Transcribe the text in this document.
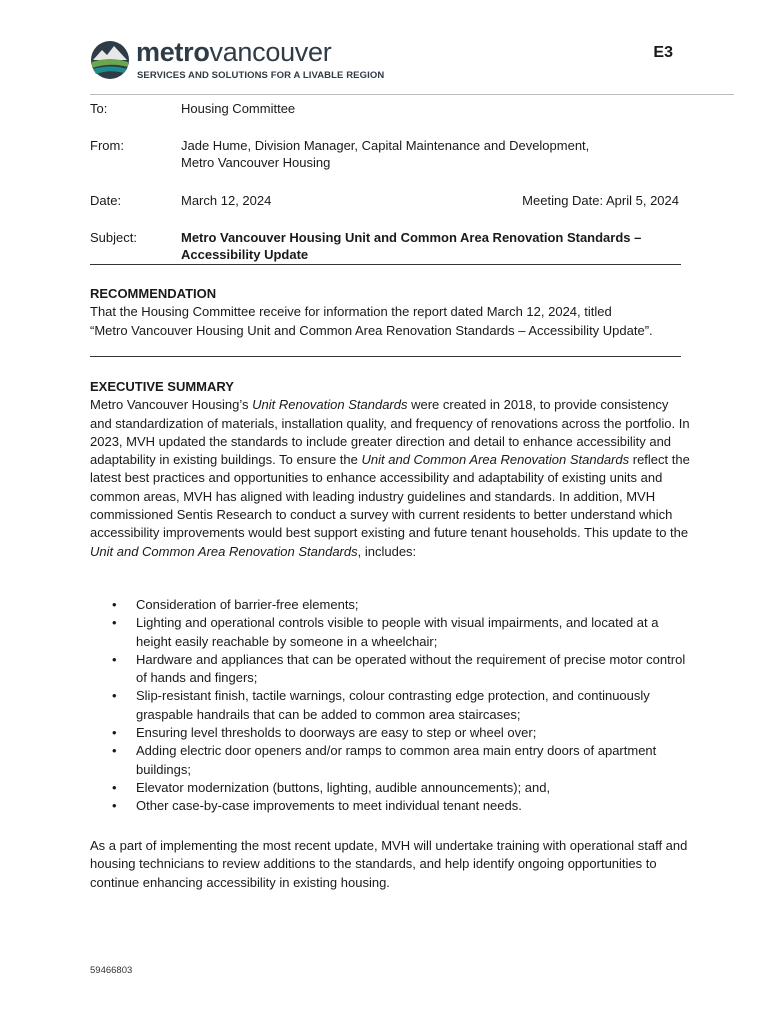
metrovancouver
SERVICES AND SOLUTIONS FOR A LIVABLE REGION
E3
To:	Housing Committee
From:	Jade Hume, Division Manager, Capital Maintenance and Development,
Metro Vancouver Housing
Date:	March 12, 2024	Meeting Date: April 5, 2024
Subject:	Metro Vancouver Housing Unit and Common Area Renovation Standards –
Accessibility Update
RECOMMENDATION
That the Housing Committee receive for information the report dated March 12, 2024, titled
“Metro Vancouver Housing Unit and Common Area Renovation Standards – Accessibility Update”.
EXECUTIVE SUMMARY
Metro Vancouver Housing’s Unit Renovation Standards were created in 2018, to provide consistency and standardization of materials, installation quality, and frequency of renovations across the portfolio. In 2023, MVH updated the standards to include greater direction and detail to enhance accessibility and adaptability in existing buildings. To ensure the Unit and Common Area Renovation Standards reflect the latest best practices and opportunities to enhance accessibility and adaptability of existing units and common areas, MVH has aligned with leading industry guidelines and standards. In addition, MVH commissioned Sentis Research to conduct a survey with current residents to better understand which accessibility improvements would best support existing and future tenant households. This update to the Unit and Common Area Renovation Standards, includes:
• Consideration of barrier-free elements;
• Lighting and operational controls visible to people with visual impairments, and located at a height easily reachable by someone in a wheelchair;
• Hardware and appliances that can be operated without the requirement of precise motor control of hands and fingers;
• Slip-resistant finish, tactile warnings, colour contrasting edge protection, and continuously graspable handrails that can be added to common area staircases;
• Ensuring level thresholds to doorways are easy to step or wheel over;
• Adding electric door openers and/or ramps to common area main entry doors of apartment buildings;
• Elevator modernization (buttons, lighting, audible announcements); and,
• Other case-by-case improvements to meet individual tenant needs.
As a part of implementing the most recent update, MVH will undertake training with operational staff and housing technicians to review additions to the standards, and help identify ongoing opportunities to continue enhancing accessibility in existing housing.
59466803
